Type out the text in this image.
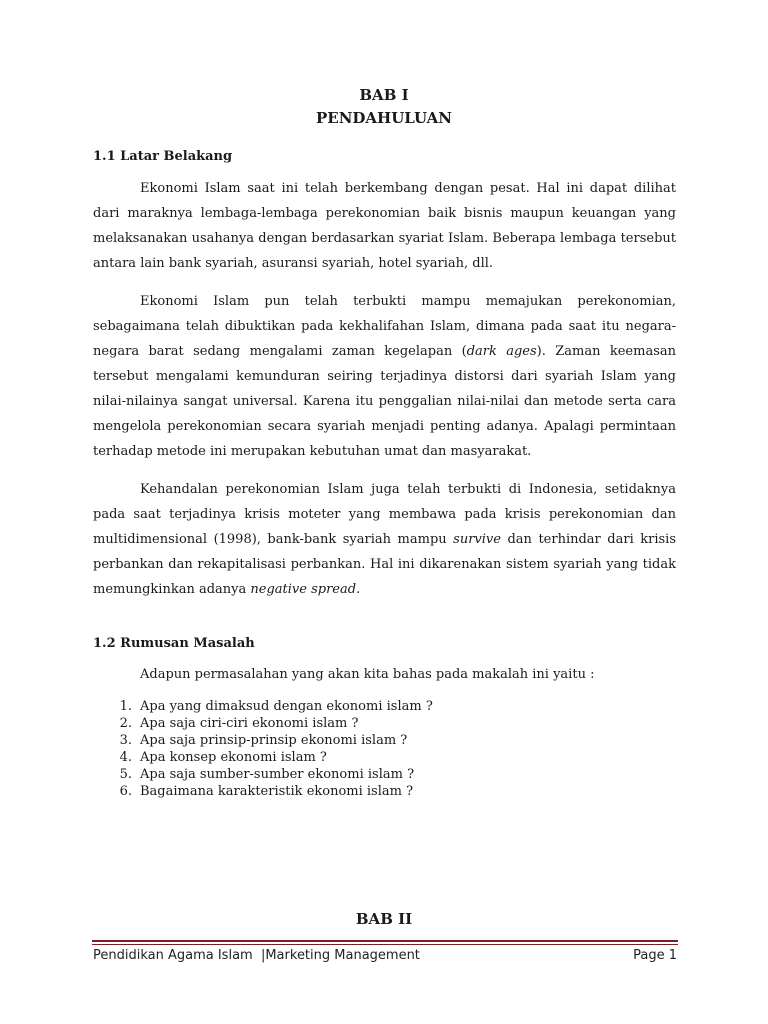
BAB I
PENDAHULUAN
1.1 Latar Belakang

Ekonomi Islam saat ini telah berkembang dengan pesat. Hal ini dapat dilihat dari maraknya lembaga-lembaga perekonomian baik bisnis maupun keuangan yang melaksanakan usahanya dengan berdasarkan syariat Islam. Beberapa lembaga tersebut antara lain bank syariah, asuransi syariah, hotel syariah, dll.

Ekonomi Islam pun telah terbukti mampu memajukan perekonomian, sebagaimana telah dibuktikan pada kekhalifahan Islam, dimana pada saat itu negara-negara barat sedang mengalami zaman kegelapan (dark ages). Zaman keemasan tersebut mengalami kemunduran seiring terjadinya distorsi dari syariah Islam yang nilai-nilainya sangat universal. Karena itu penggalian nilai-nilai dan metode serta cara mengelola perekonomian secara syariah menjadi penting adanya. Apalagi permintaan terhadap metode ini merupakan kebutuhan umat dan masyarakat.

Kehandalan perekonomian Islam juga telah terbukti di Indonesia, setidaknya pada saat terjadinya krisis moteter yang membawa pada krisis perekonomian dan multidimensional (1998), bank-bank syariah mampu survive dan terhindar dari krisis perbankan dan rekapitalisasi perbankan. Hal ini dikarenakan sistem syariah yang tidak memungkinkan adanya negative spread.

1.2 Rumusan Masalah
Adapun permasalahan yang akan kita bahas pada makalah ini yaitu :
1. Apa yang dimaksud dengan ekonomi islam ?
2. Apa saja ciri-ciri ekonomi islam ?
3. Apa saja prinsip-prinsip ekonomi islam ?
4. Apa konsep ekonomi islam ?
5. Apa saja sumber-sumber ekonomi islam ?
6. Bagaimana karakteristik ekonomi islam ?
BAB II
Pendidikan Agama Islam  |Marketing Management	Page 1
